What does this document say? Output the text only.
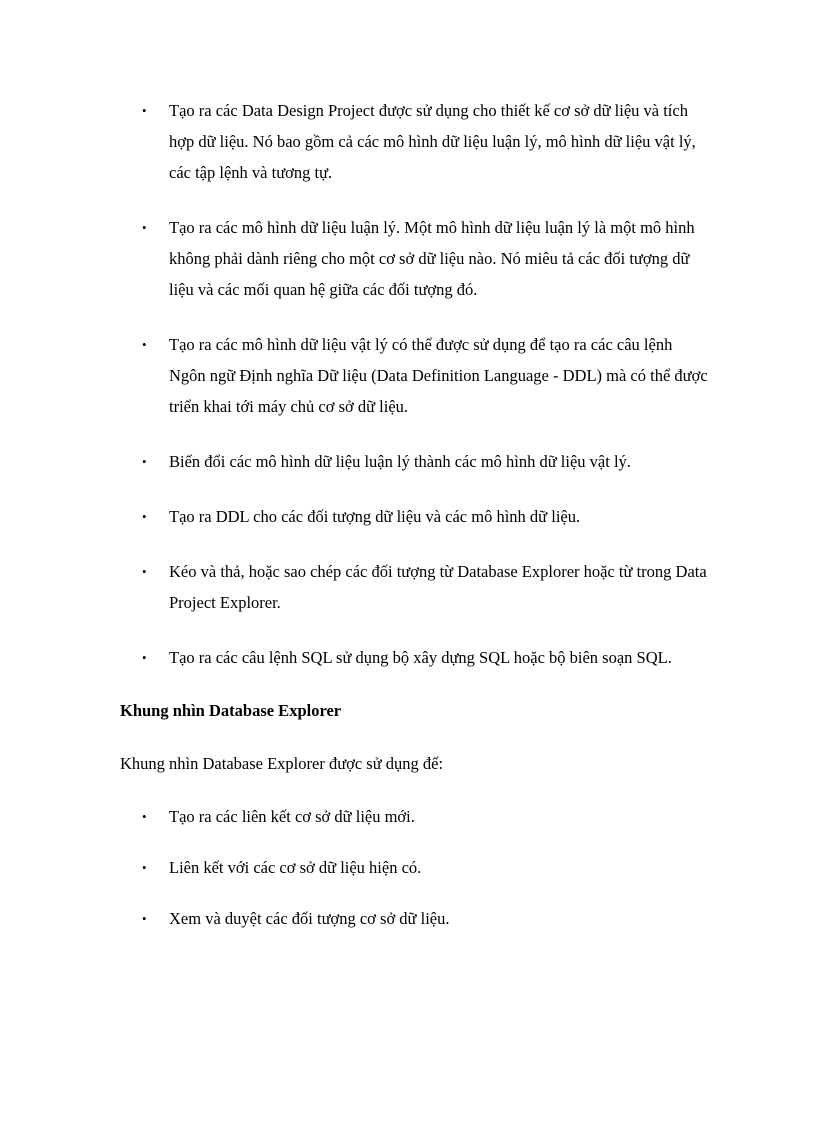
• Tạo ra các Data Design Project được sử dụng cho thiết kế cơ sở dữ liệu và tích hợp dữ liệu. Nó bao gồm cả các mô hình dữ liệu luận lý, mô hình dữ liệu vật lý, các tập lệnh và tương tự.
• Tạo ra các mô hình dữ liệu luận lý. Một mô hình dữ liệu luận lý là một mô hình không phải dành riêng cho một cơ sở dữ liệu nào. Nó miêu tả các đối tượng dữ liệu và các mối quan hệ giữa các đối tượng đó.
• Tạo ra các mô hình dữ liệu vật lý có thể được sử dụng để tạo ra các câu lệnh Ngôn ngữ Định nghĩa Dữ liệu (Data Definition Language - DDL) mà có thể được triển khai tới máy chủ cơ sở dữ liệu.
• Biến đổi các mô hình dữ liệu luận lý thành các mô hình dữ liệu vật lý.
• Tạo ra DDL cho các đối tượng dữ liệu và các mô hình dữ liệu.
• Kéo và thả, hoặc sao chép các đối tượng từ Database Explorer hoặc từ trong Data Project Explorer.
• Tạo ra các câu lệnh SQL sử dụng bộ xây dựng SQL hoặc bộ biên soạn SQL.
Khung nhìn Database Explorer
Khung nhìn Database Explorer được sử dụng để:
• Tạo ra các liên kết cơ sở dữ liệu mới.
• Liên kết với các cơ sở dữ liệu hiện có.
• Xem và duyệt các đối tượng cơ sở dữ liệu.
